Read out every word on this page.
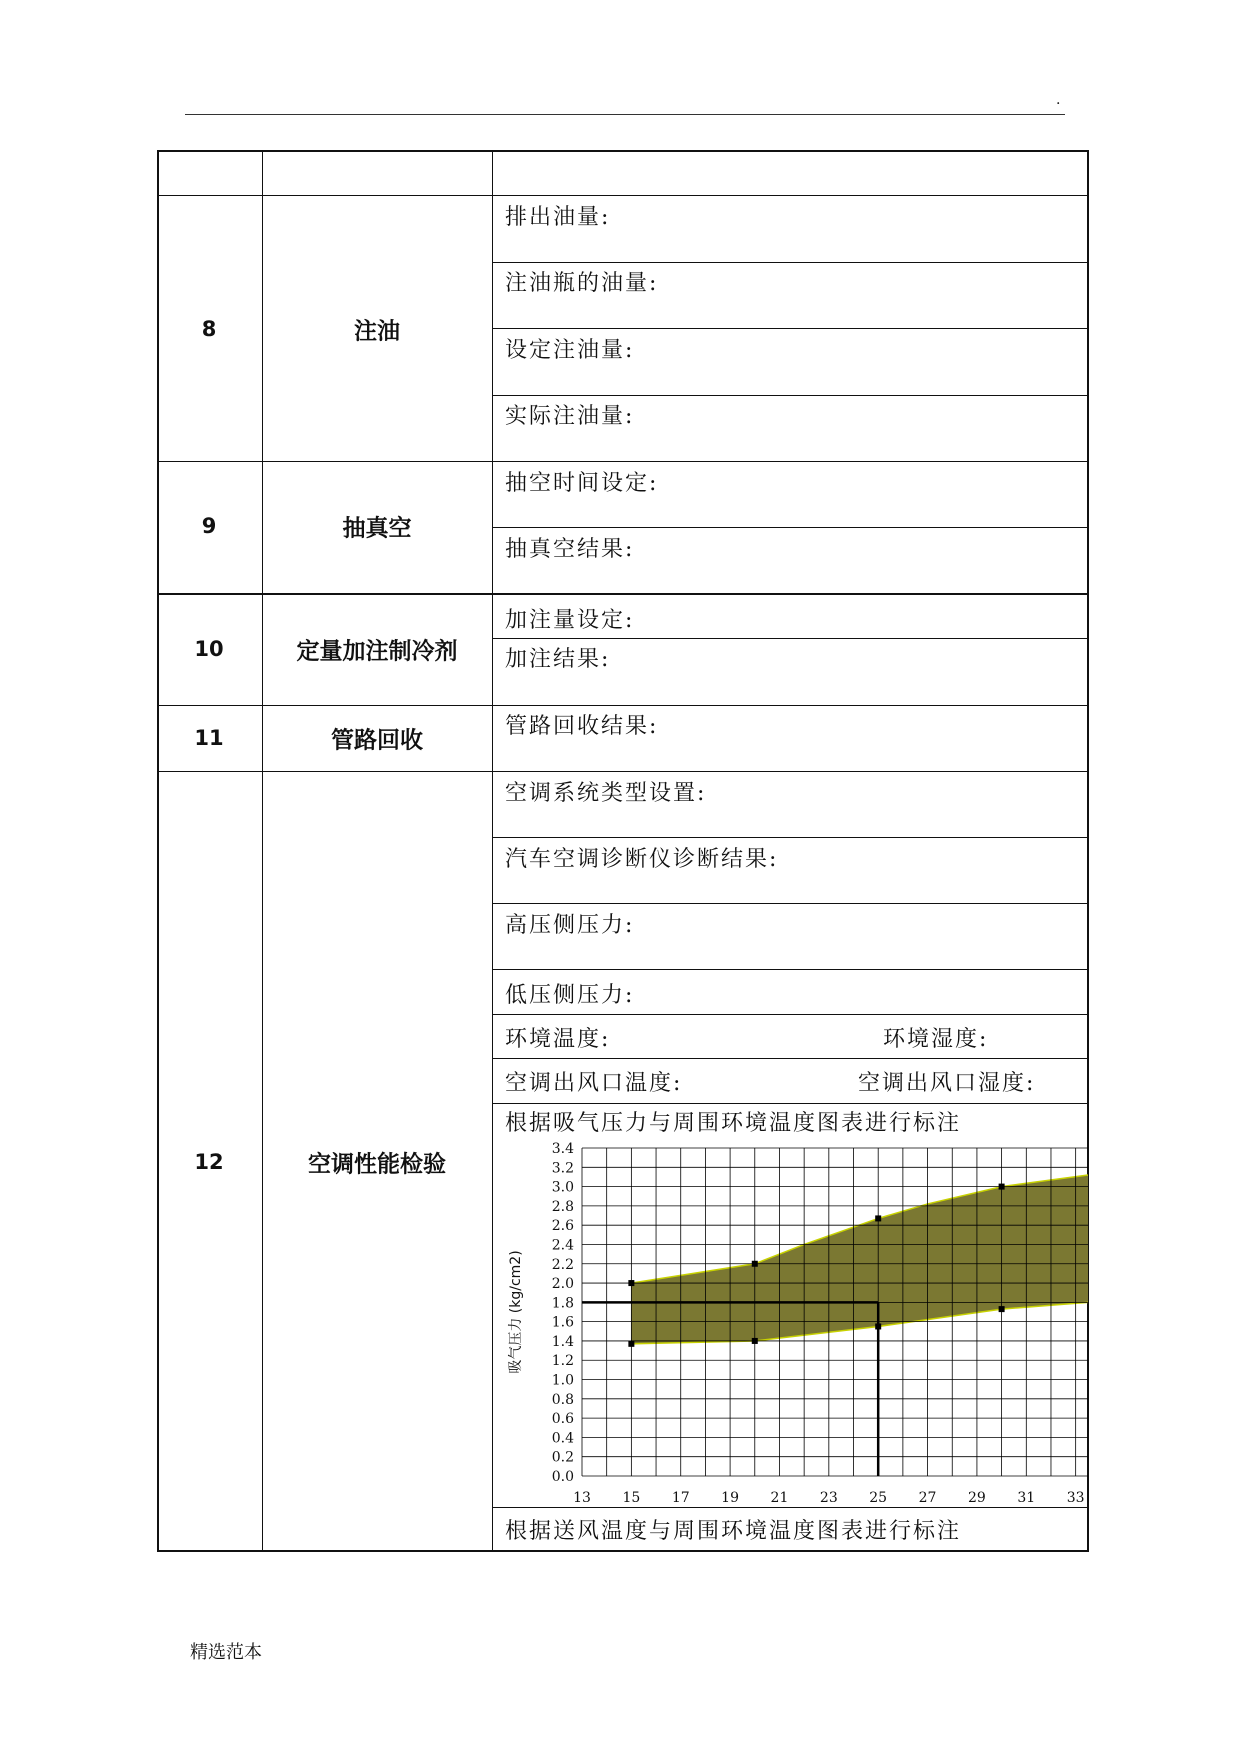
.
8	注油
排出油量:
注油瓶的油量:
设定注油量:
实际注油量:
9	抽真空
抽空时间设定:
抽真空结果:
10	定量加注制冷剂
加注量设定:
加注结果:
11	管路回收
管路回收结果:
12	空调性能检验
空调系统类型设置:
汽车空调诊断仪诊断结果:
高压侧压力:
低压侧压力:
环境温度:	环境湿度:
空调出风口温度:	空调出风口湿度:
根据吸气压力与周围环境温度图表进行标注
根据送风温度与周围环境温度图表进行标注
0.0
0.2
0.4
0.6
0.8
1.0
1.2
1.4
1.6
1.8
2.0
2.2
2.4
2.6
2.8
3.0
3.2
3.4
13 15 17 19 21 23 25 27 29 31 33
吸气压力 (kg/cm2)
精选范本
